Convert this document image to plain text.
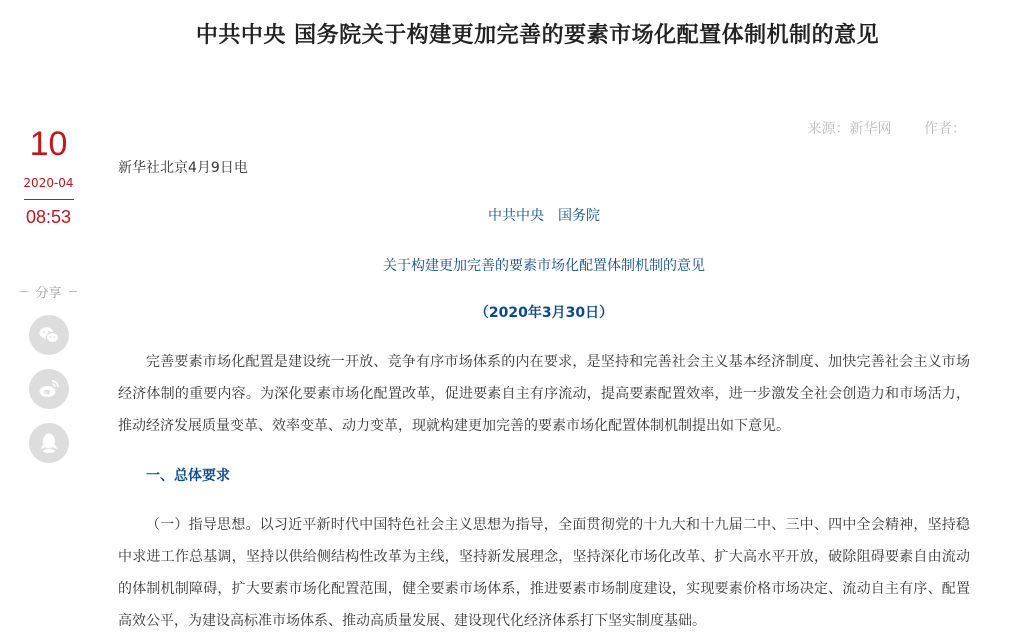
中共中央 国务院关于构建更加完善的要素市场化配置体制机制的意见
来源：新华网 作者：
10
2020-04
08:53
分享
新华社北京4月9日电
中共中央　国务院
关于构建更加完善的要素市场化配置体制机制的意见
（2020年3月30日）
完善要素市场化配置是建设统一开放、竞争有序市场体系的内在要求，是坚持和完善社会主义基本经济制度、加快完善社会主义市场经济体制的重要内容。为深化要素市场化配置改革，促进要素自主有序流动，提高要素配置效率，进一步激发全社会创造力和市场活力，推动经济发展质量变革、效率变革、动力变革，现就构建更加完善的要素市场化配置体制机制提出如下意见。
一、总体要求
（一）指导思想。以习近平新时代中国特色社会主义思想为指导，全面贯彻党的十九大和十九届二中、三中、四中全会精神，坚持稳中求进工作总基调，坚持以供给侧结构性改革为主线，坚持新发展理念，坚持深化市场化改革、扩大高水平开放，破除阻碍要素自由流动的体制机制障碍，扩大要素市场化配置范围，健全要素市场体系，推进要素市场制度建设，实现要素价格市场决定、流动自主有序、配置高效公平，为建设高标准市场体系、推动高质量发展、建设现代化经济体系打下坚实制度基础。
